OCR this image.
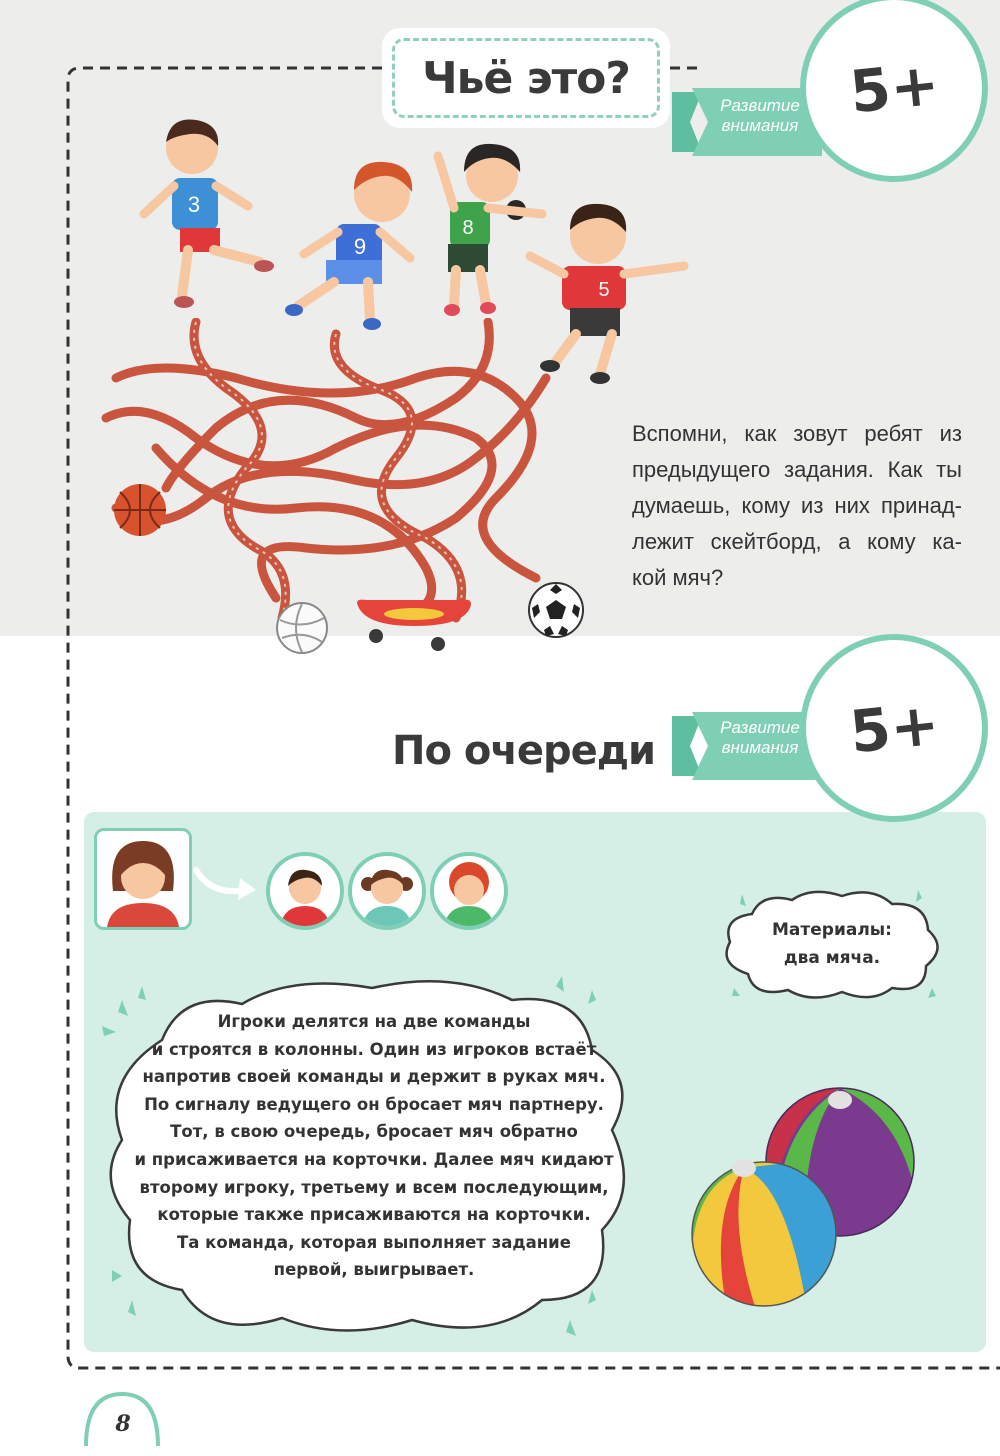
Чьё это?
Развитие
внимания 5+
3
9
8
5
Вспомни, как зовут ребят из
предыдущего задания. Как ты
думаешь, кому из них принад-
лежит скейтборд, а кому ка-
кой мяч?
Развитие
внимания 5+
По очереди
Материалы:
два мяча.
Игроки делятся на две команды
и строятся в колонны. Один из игроков встаёт
напротив своей команды и держит в руках мяч.
По сигналу ведущего он бросает мяч партнеру.
Тот, в свою очередь, бросает мяч обратно
и присаживается на корточки. Далее мяч кидают
второму игроку, третьему и всем последующим,
которые также присаживаются на корточки.
Та команда, которая выполняет задание
первой, выигрывает.
8
